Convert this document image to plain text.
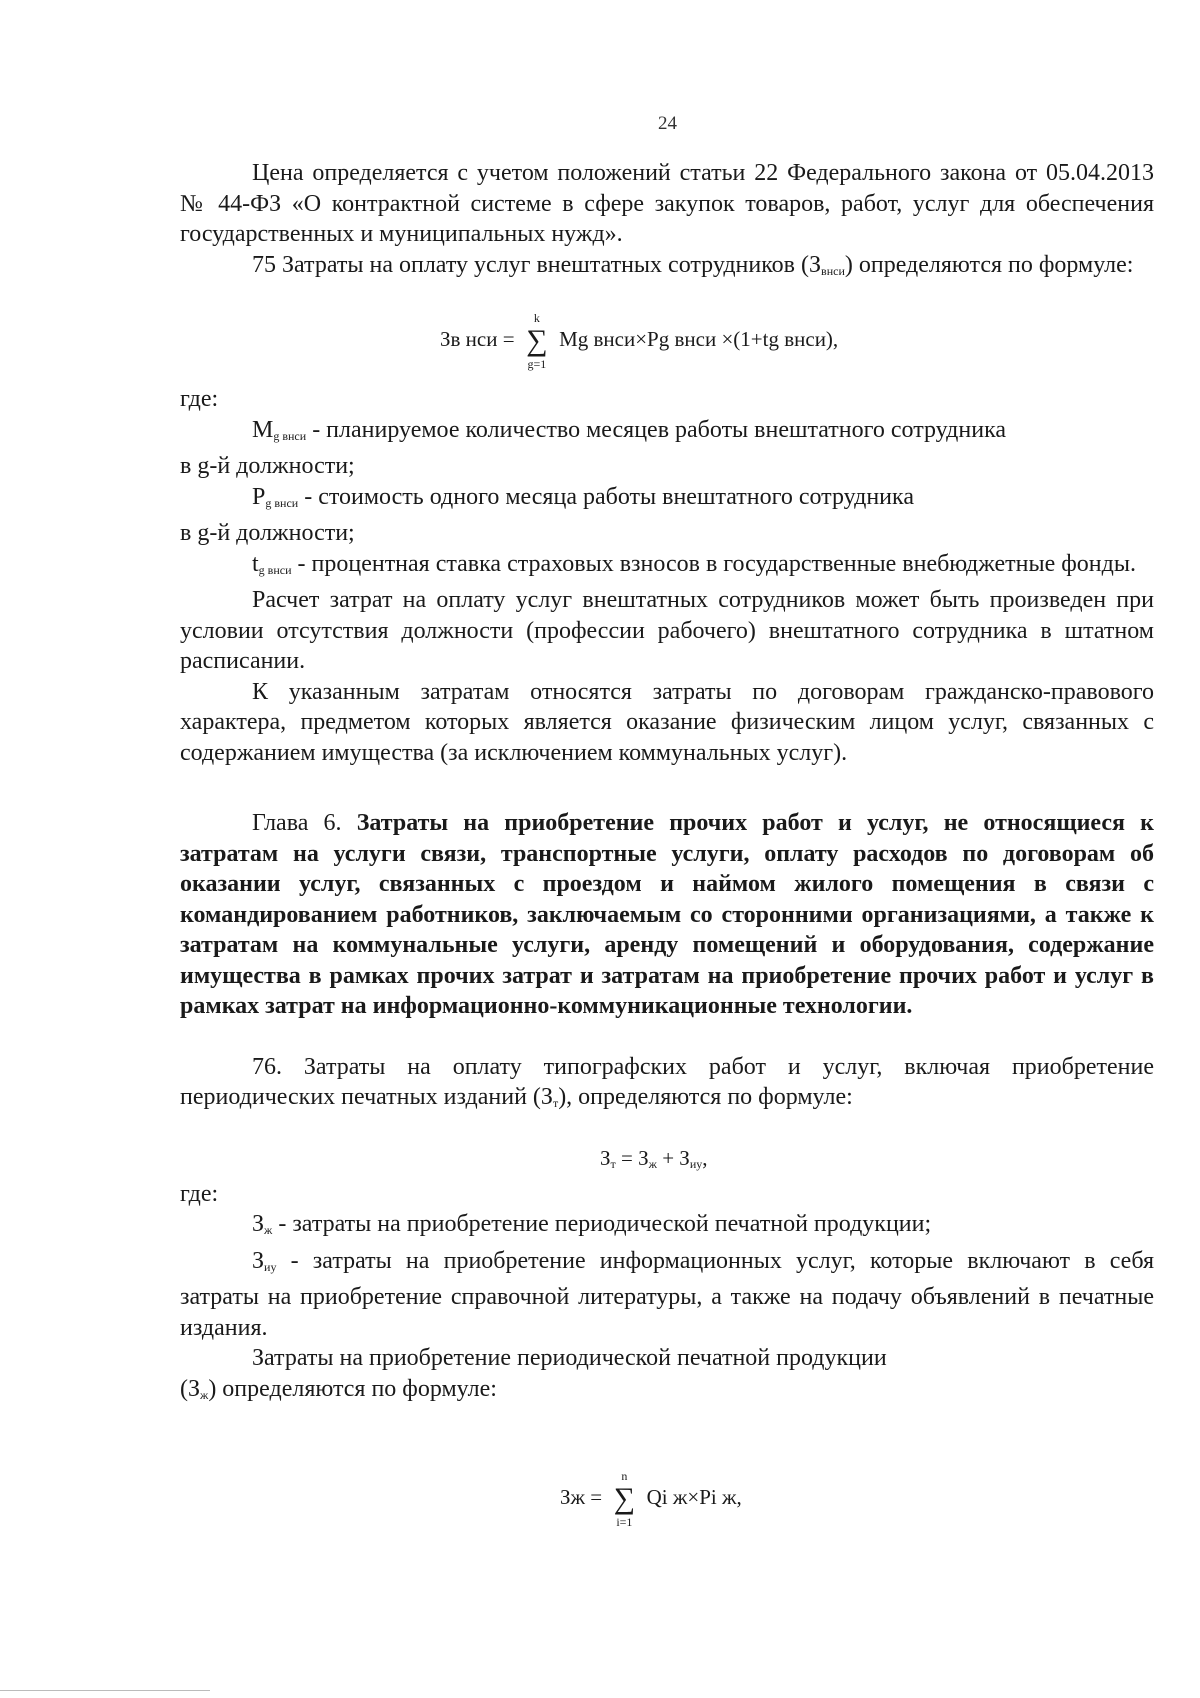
24

Цена определяется с учетом положений статьи 22 Федерального закона от 05.04.2013 № 44-ФЗ «О контрактной системе в сфере закупок товаров, работ, услуг для обеспечения государственных и муниципальных нужд».

75 Затраты на оплату услуг внештатных сотрудников $(З_{внси})$ определяются по формуле:

Зв нси =
k
∑
g=1
Mg внси×Pg внси ×(1+tg внси),

где:

$M_{g внси}$ - планируемое количество месяцев работы внештатного сотрудника

в g-й должности;

$P_{g внси}$ - стоимость одного месяца работы внештатного сотрудника

в g-й должности;

$t_{g внси}$ - процентная ставка страховых взносов в государственные внебюджетные фонды.

Расчет затрат на оплату услуг внештатных сотрудников может быть произведен при условии отсутствия должности (профессии рабочего) внештатного сотрудника в штатном расписании.

К указанным затратам относятся затраты по договорам гражданско-правового характера, предметом которых является оказание физическим лицом услуг, связанных с содержанием имущества (за исключением коммунальных услуг).

Глава 6. Затраты на приобретение прочих работ и услуг, не относящиеся к затратам на услуги связи, транспортные услуги, оплату расходов по договорам об оказании услуг, связанных с проездом и наймом жилого помещения в связи с командированием работников, заключаемым со сторонними организациями, а также к затратам на коммунальные услуги, аренду помещений и оборудования, содержание имущества в рамках прочих затрат и затратам на приобретение прочих работ и услуг в рамках затрат на информационно-коммуникационные технологии.

76. Затраты на оплату типографских работ и услуг, включая приобретение периодических печатных изданий $(З_т)$, определяются по формуле:

$З_т = З_ж + З_{иу}$,

где:

$З_ж$ - затраты на приобретение периодической печатной продукции;

$З_{иу}$ - затраты на приобретение информационных услуг, которые включают в себя затраты на приобретение справочной литературы, а также на подачу объявлений в печатные издания.

Затраты на приобретение периодической печатной продукции

$(З_ж)$ определяются по формуле:

Зж =
n
∑
i=1
Qi ж×Pi ж,
